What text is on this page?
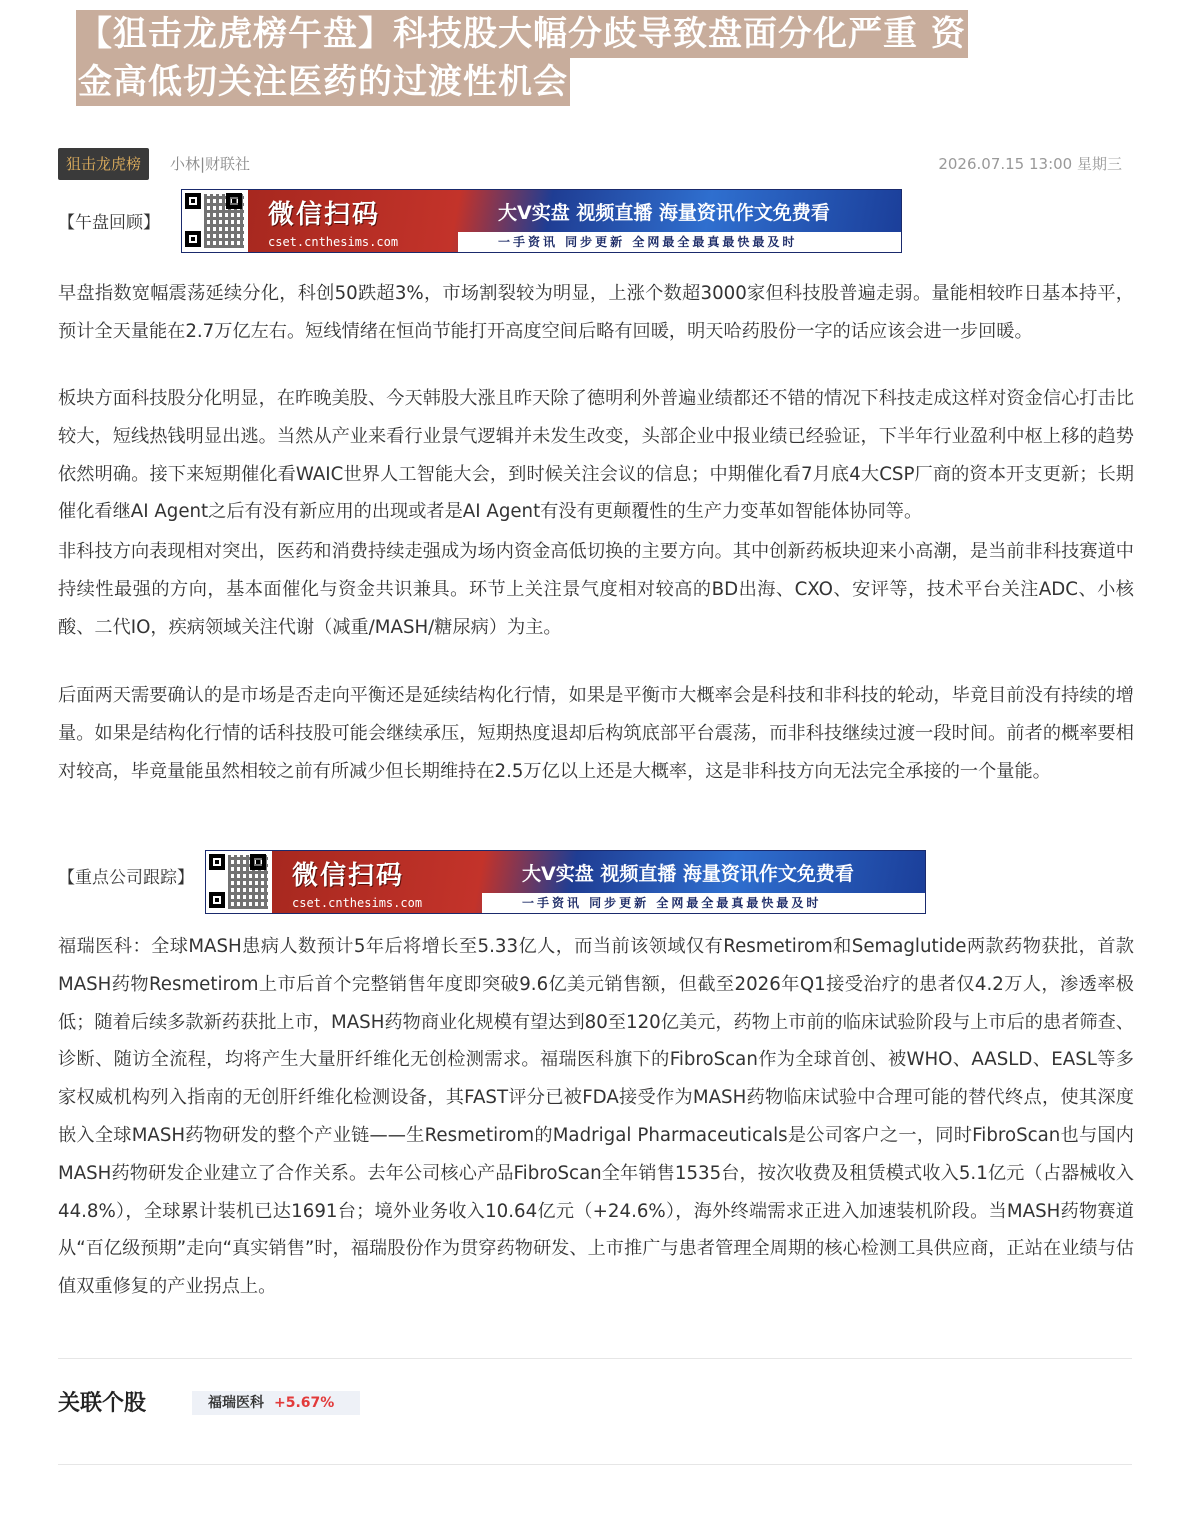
【狙击龙虎榜午盘】科技股大幅分歧导致盘面分化严重 资
金高低切关注医药的过渡性机会
狙击龙虎榜	小林|财联社	2026.07.15 13:00 星期三
【午盘回顾】	微信扫码
cset.cnthesims.com
大V实盘 视频直播 海量资讯作文免费看
一手资讯 同步更新 全网最全最真最快最及时

早盘指数宽幅震荡延续分化，科创50跌超3%，市场割裂较为明显，上涨个数超3000家但科技股普遍走弱。量能相较昨日基本持平，预计全天量能在2.7万亿左右。短线情绪在恒尚节能打开高度空间后略有回暖，明天哈药股份一字的话应该会进一步回暖。

板块方面科技股分化明显，在昨晚美股、今天韩股大涨且昨天除了德明利外普遍业绩都还不错的情况下科技走成这样对资金信心打击比较大，短线热钱明显出逃。当然从产业来看行业景气逻辑并未发生改变，头部企业中报业绩已经验证，下半年行业盈利中枢上移的趋势依然明确。接下来短期催化看WAIC世界人工智能大会，到时候关注会议的信息；中期催化看7月底4大CSP厂商的资本开支更新；长期催化看继AI Agent之后有没有新应用的出现或者是AI Agent有没有更颠覆性的生产力变革如智能体协同等。

非科技方向表现相对突出，医药和消费持续走强成为场内资金高低切换的主要方向。其中创新药板块迎来小高潮，是当前非科技赛道中持续性最强的方向，基本面催化与资金共识兼具。环节上关注景气度相对较高的BD出海、CXO、安评等，技术平台关注ADC、小核酸、二代IO，疾病领域关注代谢（减重/MASH/糖尿病）为主。

后面两天需要确认的是市场是否走向平衡还是延续结构化行情，如果是平衡市大概率会是科技和非科技的轮动，毕竟目前没有持续的增量。如果是结构化行情的话科技股可能会继续承压，短期热度退却后构筑底部平台震荡，而非科技继续过渡一段时间。前者的概率要相对较高，毕竟量能虽然相较之前有所减少但长期维持在2.5万亿以上还是大概率，这是非科技方向无法完全承接的一个量能。

【重点公司跟踪】	微信扫码
cset.cnthesims.com
大V实盘 视频直播 海量资讯作文免费看
一手资讯 同步更新 全网最全最真最快最及时

福瑞医科：全球MASH患病人数预计5年后将增长至5.33亿人，而当前该领域仅有Resmetirom和Semaglutide两款药物获批，首款MASH药物Resmetirom上市后首个完整销售年度即突破9.6亿美元销售额，但截至2026年Q1接受治疗的患者仅4.2万人，渗透率极低；随着后续多款新药获批上市，MASH药物商业化规模有望达到80至120亿美元，药物上市前的临床试验阶段与上市后的患者筛查、诊断、随访全流程，均将产生大量肝纤维化无创检测需求。福瑞医科旗下的FibroScan作为全球首创、被WHO、AASLD、EASL等多家权威机构列入指南的无创肝纤维化检测设备，其FAST评分已被FDA接受作为MASH药物临床试验中合理可能的替代终点，使其深度嵌入全球MASH药物研发的整个产业链——生Resmetirom的Madrigal Pharmaceuticals是公司客户之一，同时FibroScan也与国内MASH药物研发企业建立了合作关系。去年公司核心产品FibroScan全年销售1535台，按次收费及租赁模式收入5.1亿元（占器械收入44.8%），全球累计装机已达1691台；境外业务收入10.64亿元（+24.6%），海外终端需求正进入加速装机阶段。当MASH药物赛道从“百亿级预期”走向“真实销售”时，福瑞股份作为贯穿药物研发、上市推广与患者管理全周期的核心检测工具供应商，正站在业绩与估值双重修复的产业拐点上。

关联个股	福瑞医科 +5.67%
